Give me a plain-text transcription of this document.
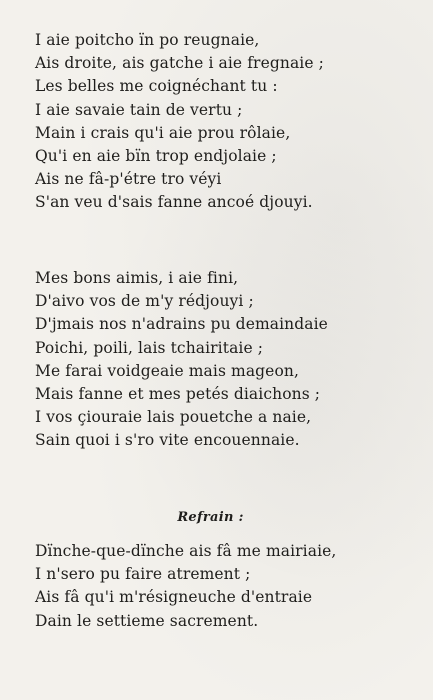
I aie poitcho ïn po reugnaie,
Ais droite, ais gatche i aie fregnaie ;
Les belles me coignéchant tu :
I aie savaie tain de vertu ;
Main i crais qu'i aie prou rôlaie,
Qu'i en aie bïn trop endjolaie ;
Ais ne fâ-p'étre tro véyi
S'an veu d'sais fanne ancoé djouyi.
Mes bons aimis, i aie fini,
D'aivo vos de m'y rédjouyi ;
D'jmais nos n'adrains pu demaindaie
Poichi, poili, lais tchairitaie ;
Me farai voidgeaie mais mageon,
Mais fanne et mes petés diaichons ;
I vos çiouraie lais pouetche a naie,
Sain quoi i s'ro vite encouennaie.
Refrain :
Dïnche-que-dïnche ais fâ me mairiaie,
I n'sero pu faire atrement ;
Ais fâ qu'i m'résigneuche d'entraie
Dain le settieme sacrement.
